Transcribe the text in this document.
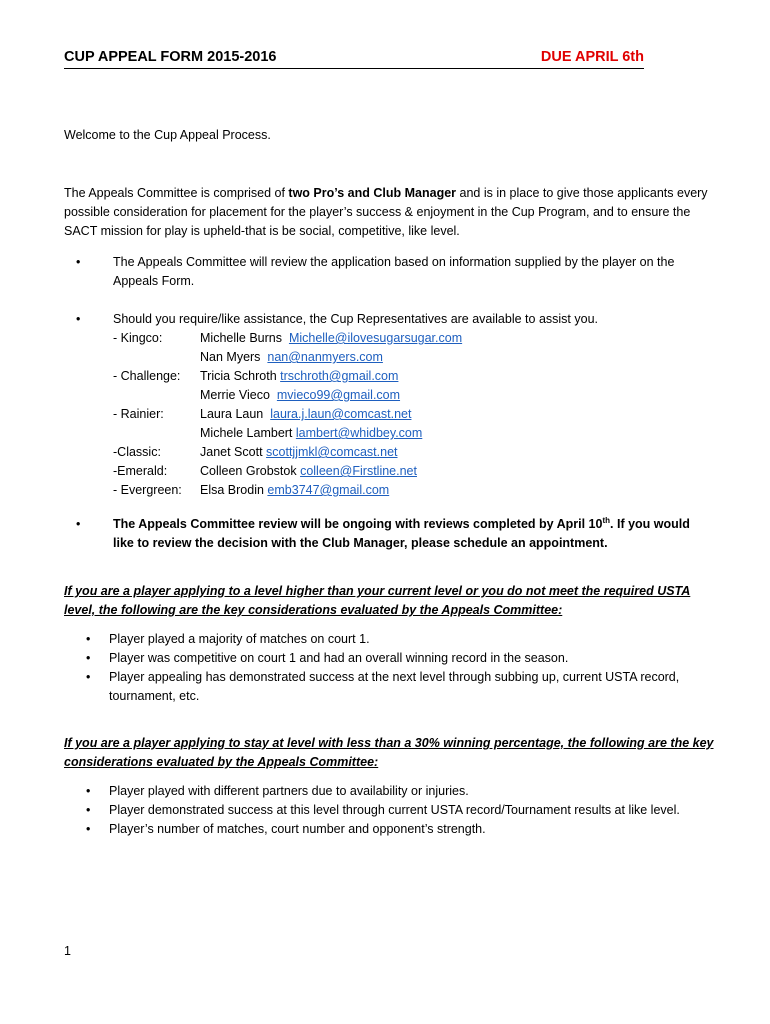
CUP APPEAL FORM 2015-2016	DUE APRIL 6th

Welcome to the Cup Appeal Process.

The Appeals Committee is comprised of two Pro’s and Club Manager and is in place to give those applicants every possible consideration for placement for the player’s success & enjoyment in the Cup Program, and to ensure the SACT mission for play is upheld-that is be social, competitive, like level.

•	The Appeals Committee will review the application based on information supplied by the player on the Appeals Form.
•	Should you require/like assistance, the Cup Representatives are available to assist you.
- Kingco:	Michelle Burns Michelle@ilovesugarsugar.com
Nan Myers nan@nanmyers.com
- Challenge:	Tricia Schroth trschroth@gmail.com
Merrie Vieco mvieco99@gmail.com
- Rainier:	Laura Laun laura.j.laun@comcast.net
Michele Lambert lambert@whidbey.com
-Classic:	Janet Scott scottjjmkl@comcast.net
-Emerald:	Colleen Grobstok colleen@Firstline.net
- Evergreen:	Elsa Brodin emb3747@gmail.com
•	The Appeals Committee review will be ongoing with reviews completed by April 10th. If you would like to review the decision with the Club Manager, please schedule an appointment.

If you are a player applying to a level higher than your current level or you do not meet the required USTA level, the following are the key considerations evaluated by the Appeals Committee:

• Player played a majority of matches on court 1.
• Player was competitive on court 1 and had an overall winning record in the season.
• Player appealing has demonstrated success at the next level through subbing up, current USTA record, tournament, etc.

If you are a player applying to stay at level with less than a 30% winning percentage, the following are the key considerations evaluated by the Appeals Committee:

• Player played with different partners due to availability or injuries.
• Player demonstrated success at this level through current USTA record/Tournament results at like level.
• Player’s number of matches, court number and opponent’s strength.
1
